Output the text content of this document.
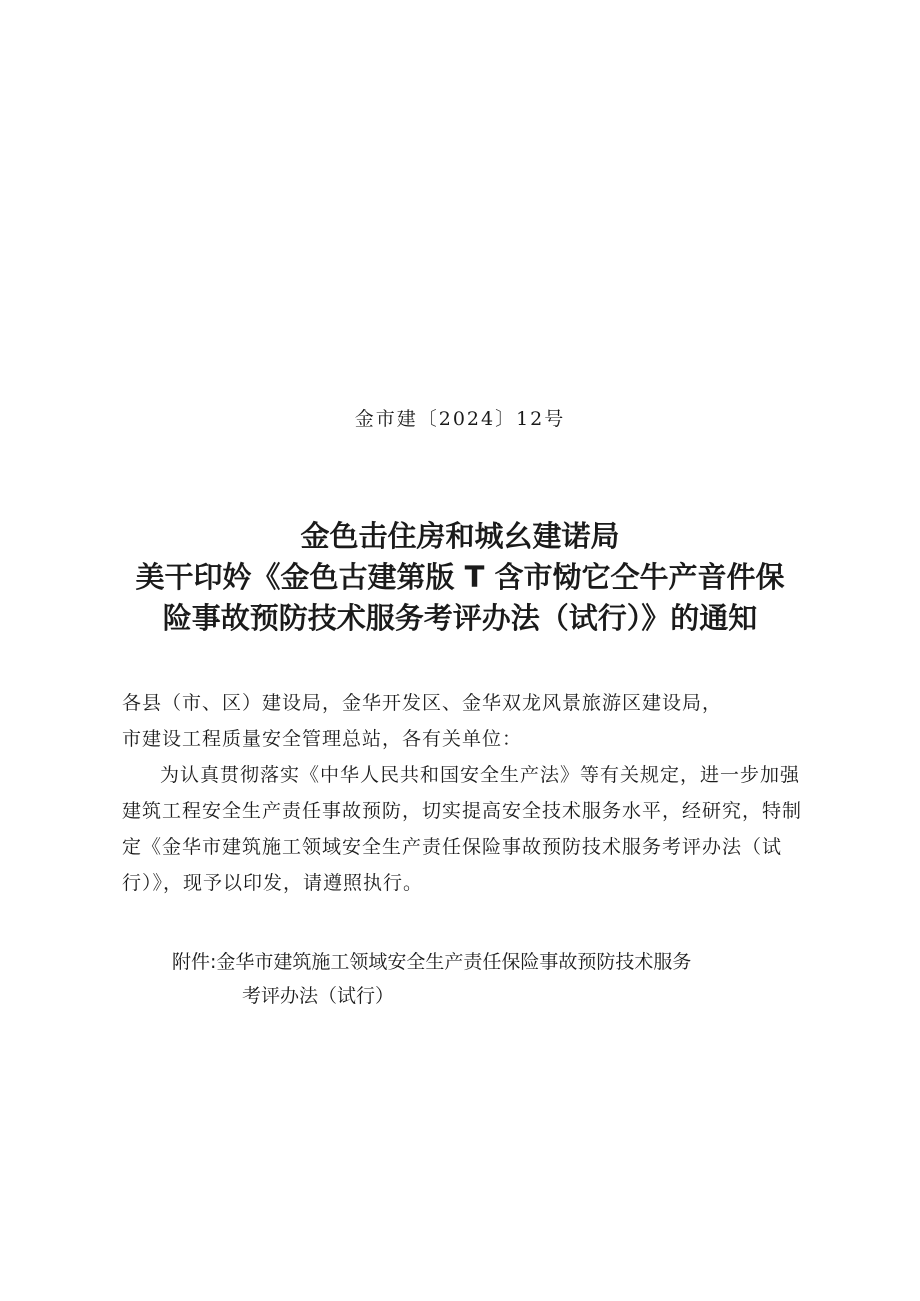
金市建〔2024〕12号
金色击住房和城幺建诺局
美干印妗《金色古建第版 T 含市恸它仝牛产音件保
险事故预防技术服务考评办法（试行）》的通知

各县（市、区）建设局，金华开发区、金华双龙风景旅游区建设局，

市建设工程质量安全管理总站，各有关单位：

为认真贯彻落实《中华人民共和国安全生产法》等有关规定，进一步加强建筑工程安全生产责任事故预防，切实提高安全技术服务水平，经研究，特制定《金华市建筑施工领域安全生产责任保险事故预防技术服务考评办法（试行）》，现予以印发，请遵照执行。

附件:金华市建筑施工领域安全生产责任保险事故预防技术服务
考评办法（试行）
